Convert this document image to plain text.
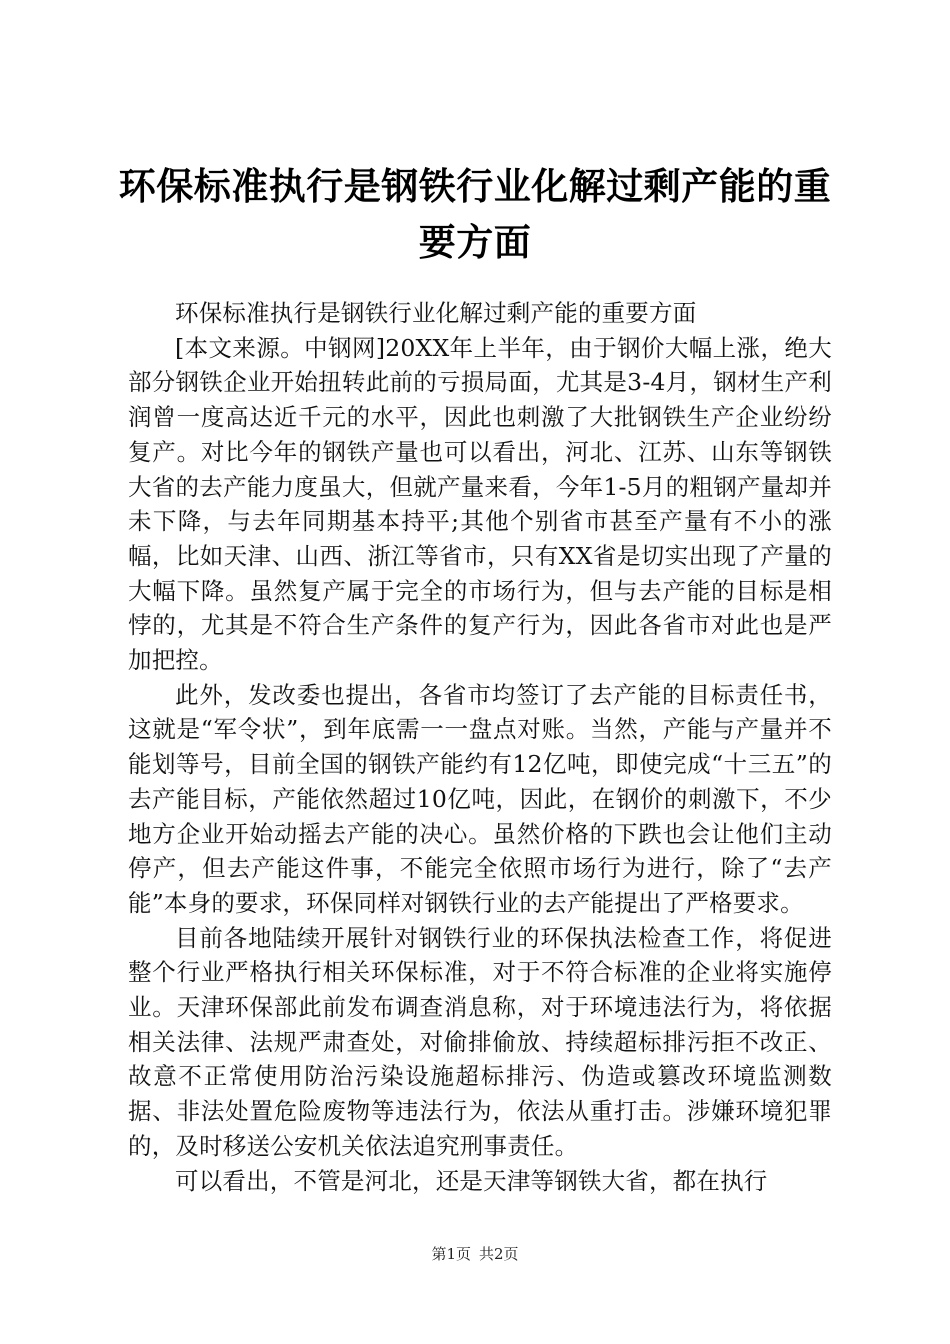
环保标准执行是钢铁行业化解过剩产能的重要方面

环保标准执行是钢铁行业化解过剩产能的重要方面

[本文来源。中钢网]20XX年上半年，由于钢价大幅上涨，绝大部分钢铁企业开始扭转此前的亏损局面，尤其是3-4月，钢材生产利润曾一度高达近千元的水平，因此也刺激了大批钢铁生产企业纷纷复产。对比今年的钢铁产量也可以看出，河北、江苏、山东等钢铁大省的去产能力度虽大，但就产量来看，今年1-5月的粗钢产量却并未下降，与去年同期基本持平;其他个别省市甚至产量有不小的涨幅，比如天津、山西、浙江等省市，只有XX省是切实出现了产量的大幅下降。虽然复产属于完全的市场行为，但与去产能的目标是相悖的，尤其是不符合生产条件的复产行为，因此各省市对此也是严加把控。

此外，发改委也提出，各省市均签订了去产能的目标责任书，这就是“军令状”，到年底需一一盘点对账。当然，产能与产量并不能划等号，目前全国的钢铁产能约有12亿吨，即使完成“十三五”的去产能目标，产能依然超过10亿吨，因此，在钢价的刺激下，不少地方企业开始动摇去产能的决心。虽然价格的下跌也会让他们主动停产，但去产能这件事，不能完全依照市场行为进行，除了“去产能”本身的要求，环保同样对钢铁行业的去产能提出了严格要求。

目前各地陆续开展针对钢铁行业的环保执法检查工作，将促进整个行业严格执行相关环保标准，对于不符合标准的企业将实施停业。天津环保部此前发布调查消息称，对于环境违法行为，将依据相关法律、法规严肃查处，对偷排偷放、持续超标排污拒不改正、故意不正常使用防治污染设施超标排污、伪造或篡改环境监测数据、非法处置危险废物等违法行为，依法从重打击。涉嫌环境犯罪的，及时移送公安机关依法追究刑事责任。

可以看出，不管是河北，还是天津等钢铁大省，都在执行

第1页 共2页
